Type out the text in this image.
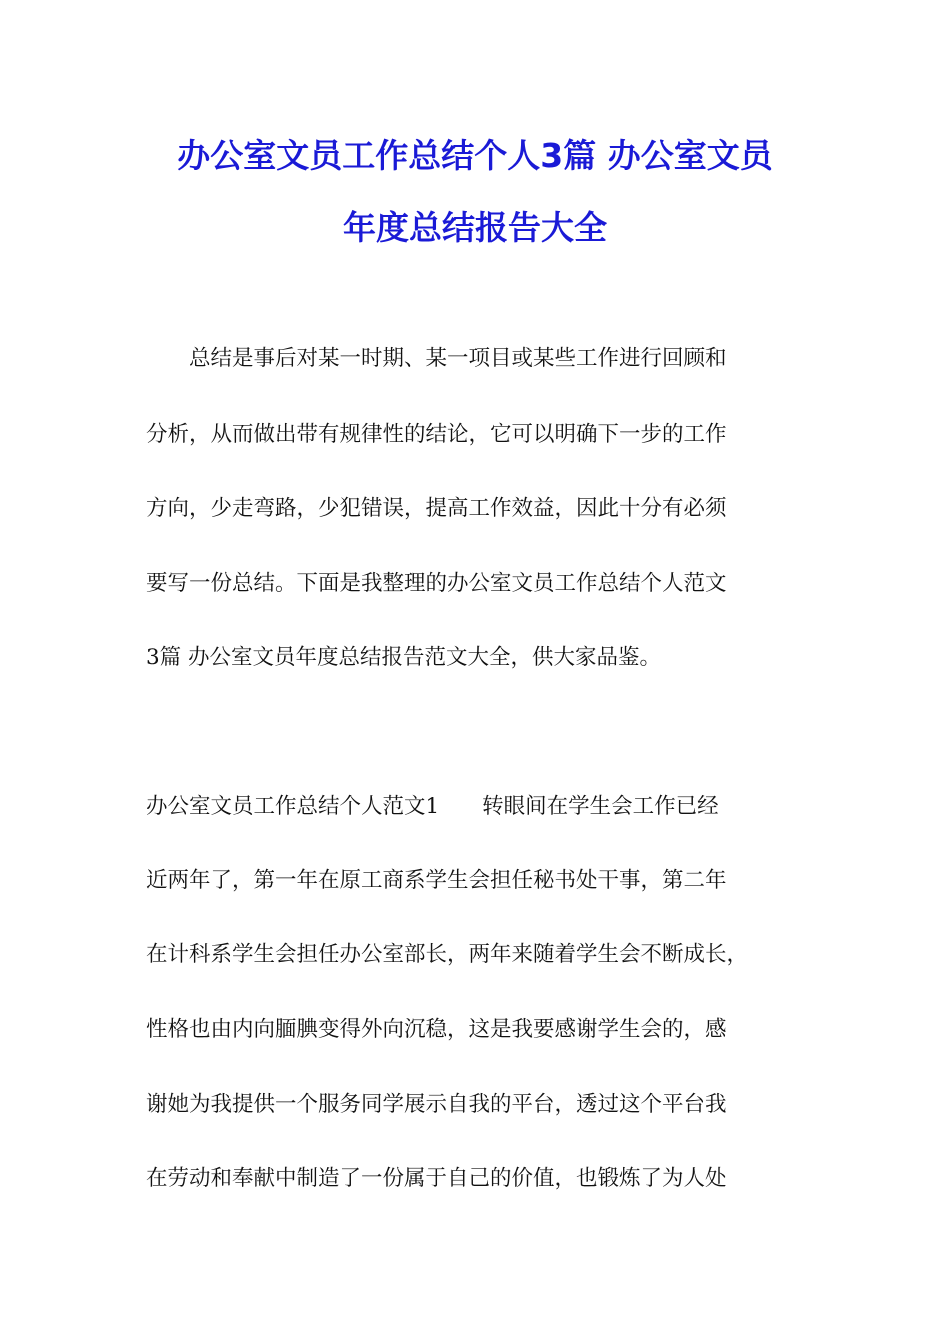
办公室文员工作总结个人3篇 办公室文员
年度总结报告大全
　　总结是事后对某一时期、某一项目或某些工作进行回顾和
分析，从而做出带有规律性的结论，它可以明确下一步的工作
方向，少走弯路，少犯错误，提高工作效益，因此十分有必须
要写一份总结。下面是我整理的办公室文员工作总结个人范文
3篇 办公室文员年度总结报告范文大全，供大家品鉴。
办公室文员工作总结个人范文1　　转眼间在学生会工作已经
近两年了，第一年在原工商系学生会担任秘书处干事，第二年
在计科系学生会担任办公室部长，两年来随着学生会不断成长，
性格也由内向腼腆变得外向沉稳，这是我要感谢学生会的，感
谢她为我提供一个服务同学展示自我的平台，透过这个平台我
在劳动和奉献中制造了一份属于自己的价值，也锻炼了为人处
